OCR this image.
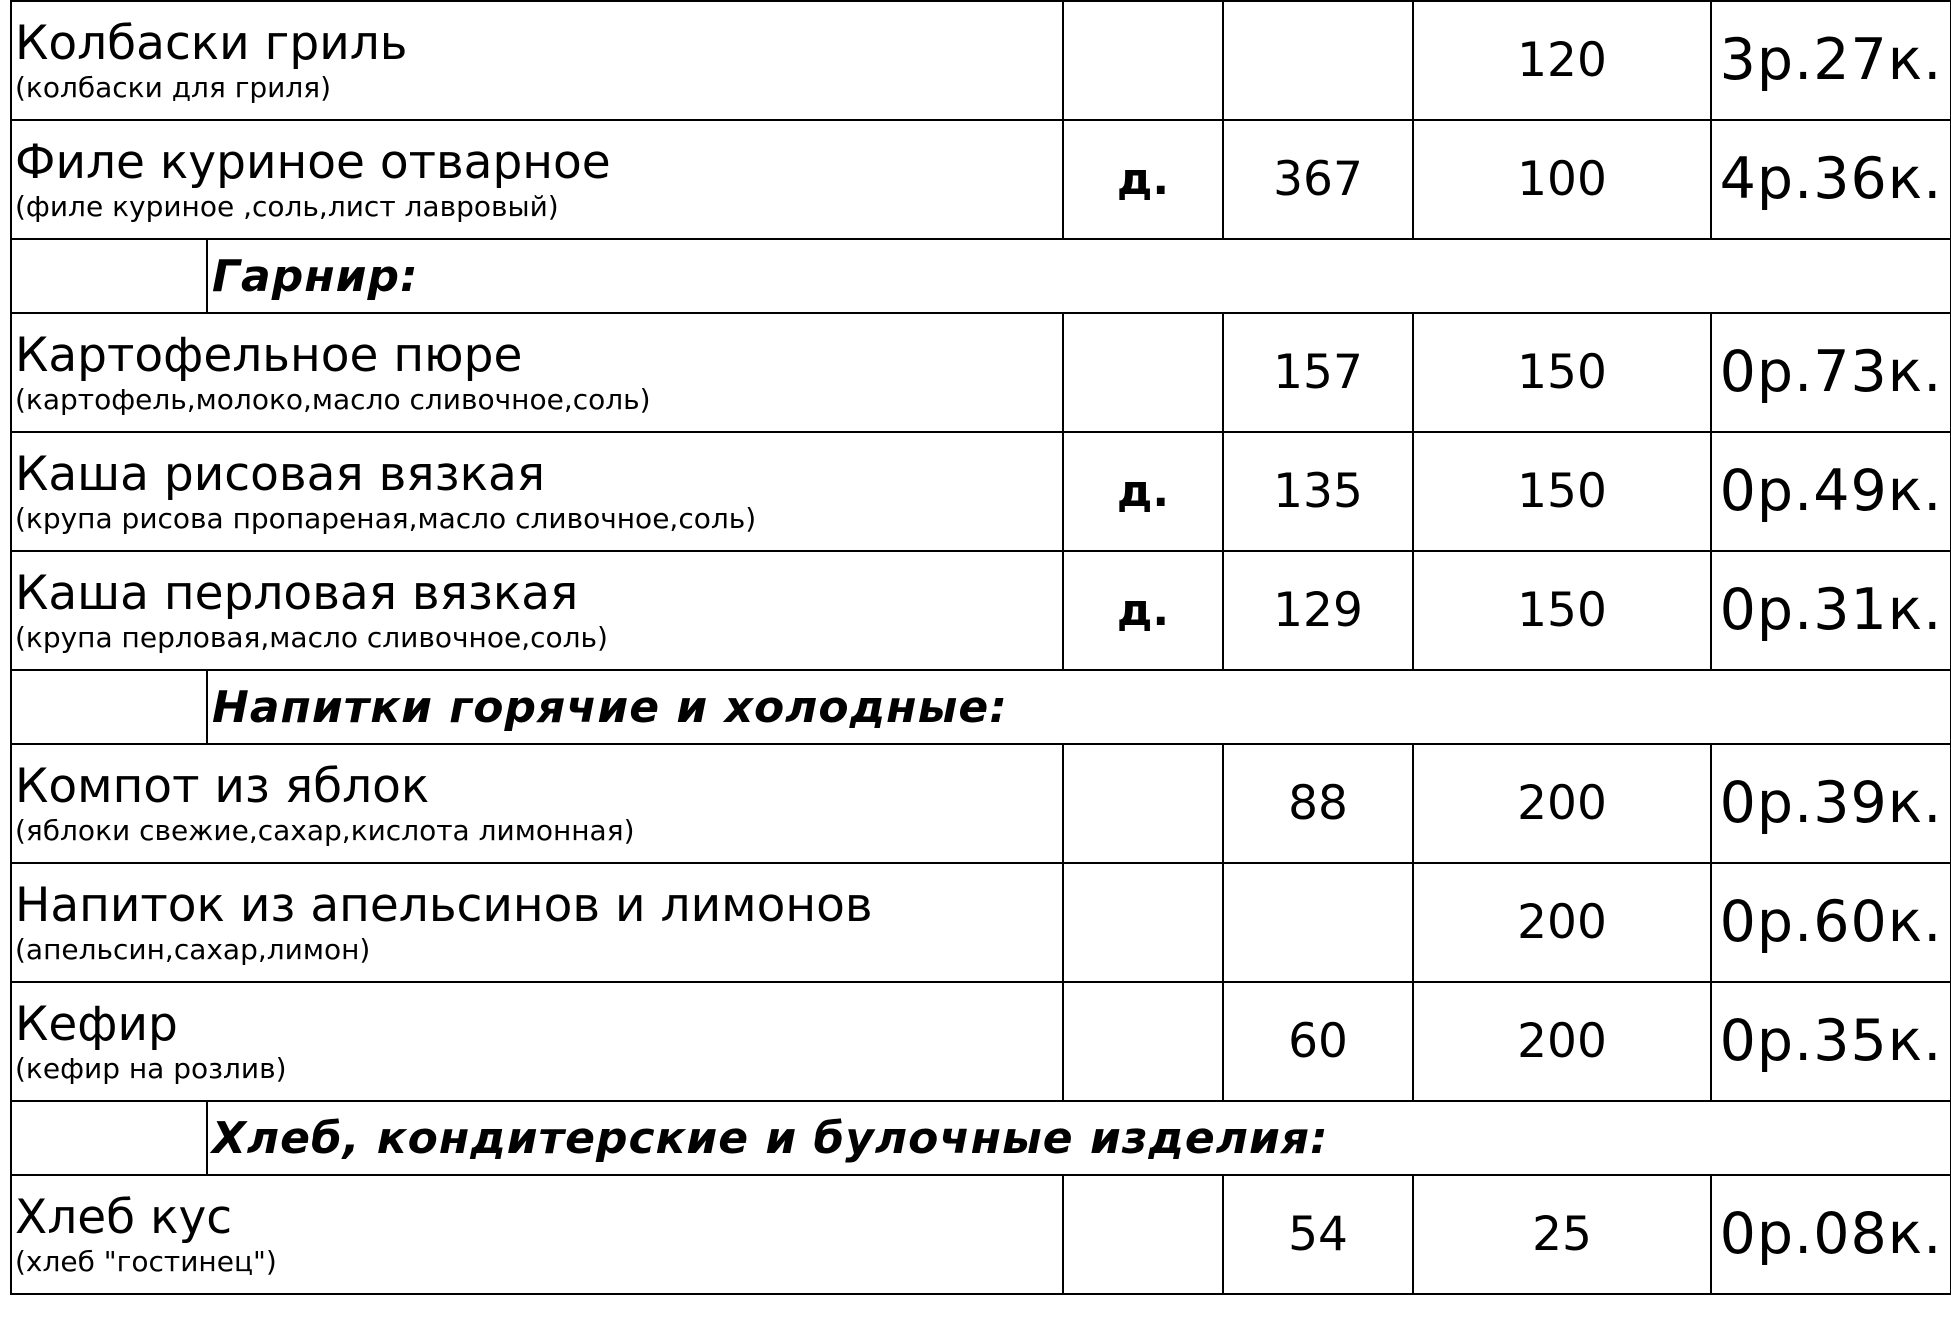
Колбаски гриль
(колбаски для гриля)			120	3р.27к.

Филе куриное отварное
(филе куриное ,соль,лист лавровый)	д.	367	100	4р.36к.

Гарнир:				

Картофельное пюре
(картофель,молоко,масло сливочное,соль)		157	150	0р.73к.

Каша рисовая вязкая
(крупа рисова пропареная,масло сливочное,соль)	д.	135	150	0р.49к.

Каша перловая вязкая
(крупа перловая,масло сливочное,соль)	д.	129	150	0р.31к.

Напитки горячие и холодные:				

Компот из яблок
(яблоки свежие,сахар,кислота лимонная)		88	200	0р.39к.

Напиток из апельсинов и лимонов
(апельсин,сахар,лимон)			200	0р.60к.

Кефир
(кефир на розлив)		60	200	0р.35к.

Хлеб, кондитерские и булочные изделия:				

Хлеб кус
(хлеб "гостинец")		54	25	0р.08к.
